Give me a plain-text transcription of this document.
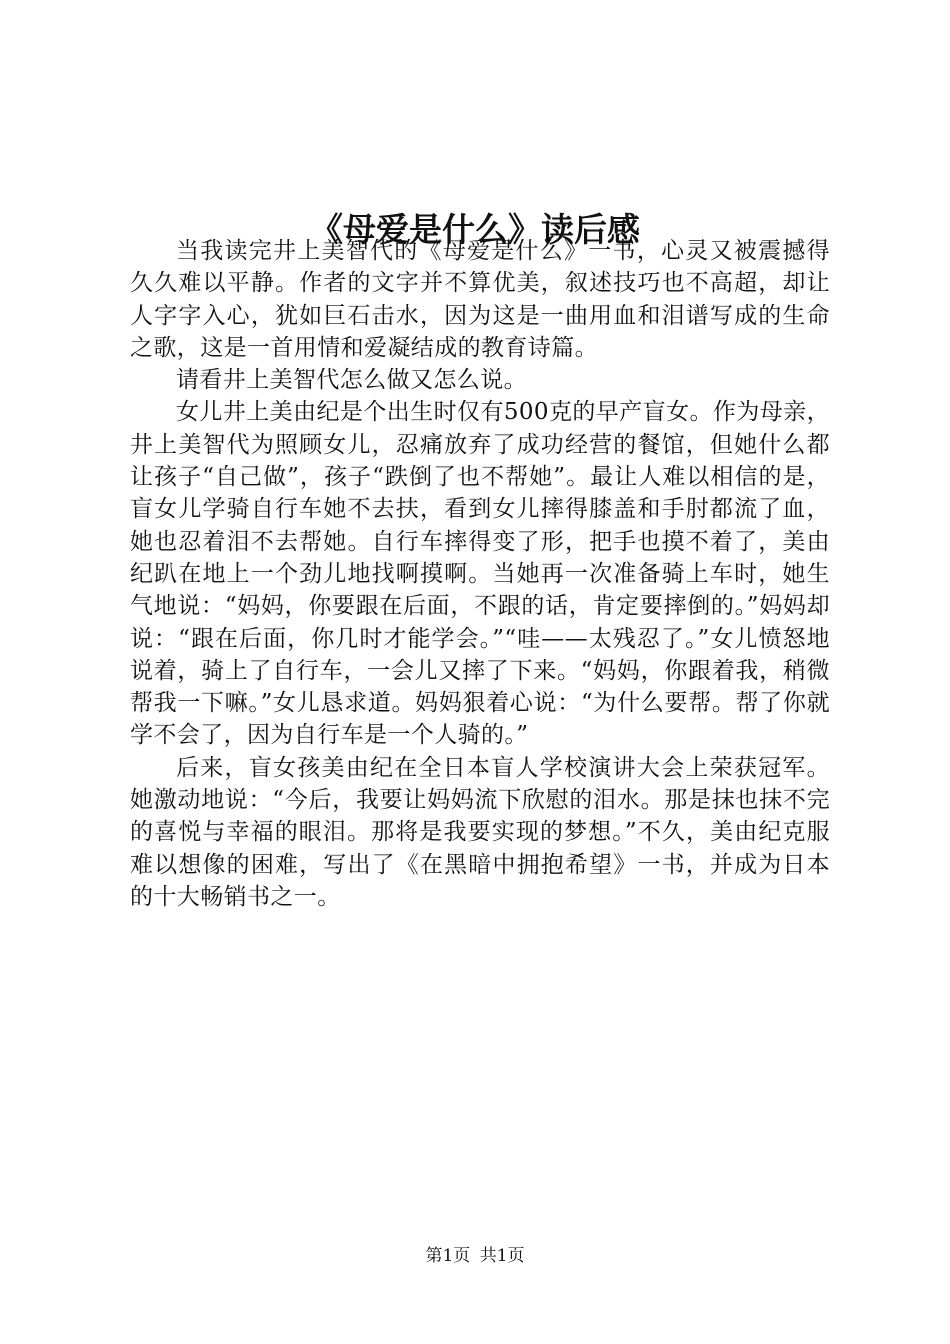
《母爱是什么》读后感

当我读完井上美智代的《母爱是什么》一书，心灵又被震撼得久久难以平静。作者的文字并不算优美，叙述技巧也不高超，却让人字字入心，犹如巨石击水，因为这是一曲用血和泪谱写成的生命之歌，这是一首用情和爱凝结成的教育诗篇。

请看井上美智代怎么做又怎么说。

女儿井上美由纪是个出生时仅有500克的早产盲女。作为母亲，井上美智代为照顾女儿，忍痛放弃了成功经营的餐馆，但她什么都让孩子“自己做”，孩子“跌倒了也不帮她”。最让人难以相信的是，盲女儿学骑自行车她不去扶，看到女儿摔得膝盖和手肘都流了血，她也忍着泪不去帮她。自行车摔得变了形，把手也摸不着了，美由纪趴在地上一个劲儿地找啊摸啊。当她再一次准备骑上车时，她生气地说：“妈妈，你要跟在后面，不跟的话，肯定要摔倒的。”妈妈却说：“跟在后面，你几时才能学会。”“哇——太残忍了。”女儿愤怒地说着，骑上了自行车，一会儿又摔了下来。“妈妈，你跟着我，稍微帮我一下嘛。”女儿恳求道。妈妈狠着心说：“为什么要帮。帮了你就学不会了，因为自行车是一个人骑的。”

后来，盲女孩美由纪在全日本盲人学校演讲大会上荣获冠军。她激动地说：“今后，我要让妈妈流下欣慰的泪水。那是抹也抹不完的喜悦与幸福的眼泪。那将是我要实现的梦想。”不久，美由纪克服难以想像的困难，写出了《在黑暗中拥抱希望》一书，并成为日本的十大畅销书之一。

第1页 共1页
